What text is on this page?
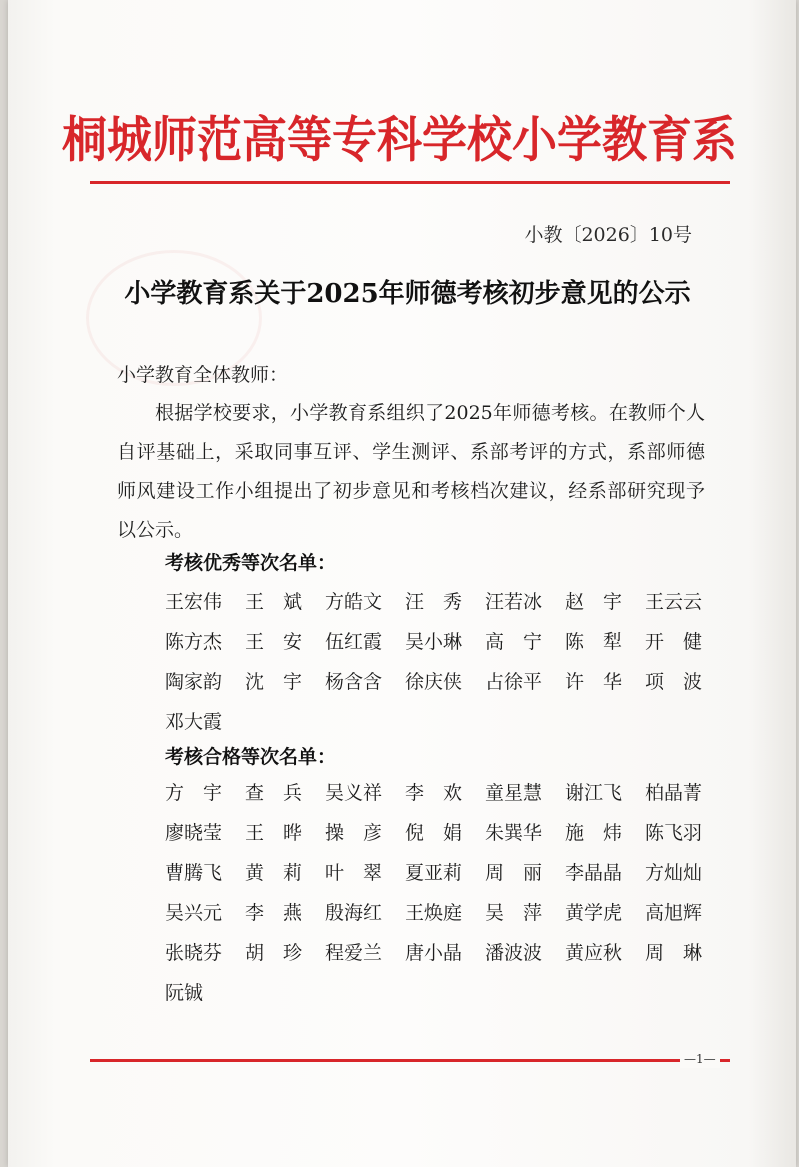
桐城师范高等专科学校小学教育系
小教〔2026〕10号
小学教育系关于2025年师德考核初步意见的公示
小学教育全体教师：
根据学校要求，小学教育系组织了2025年师德考核。在教师个人自评基础上，采取同事互评、学生测评、系部考评的方式，系部师德师风建设工作小组提出了初步意见和考核档次建议，经系部研究现予以公示。
考核优秀等次名单：
王宏伟	王　斌	方皓文	汪　秀	汪若冰	赵　宇	王云云
陈方杰	王　安	伍红霞	吴小琳	高　宁	陈　犁	开　健
陶家韵	沈　宇	杨含含	徐庆侠	占徐平	许　华	项　波
邓大霞
考核合格等次名单：
方　宇	查　兵	吴义祥	李　欢	童星慧	谢江飞	柏晶菁
廖晓莹	王　晔	操　彦	倪　娟	朱巽华	施　炜	陈飞羽
曹腾飞	黄　莉	叶　翠	夏亚莉	周　丽	李晶晶	方灿灿
吴兴元	李　燕	殷海红	王焕庭	吴　萍	黄学虎	高旭辉
张晓芬	胡　珍	程爱兰	唐小晶	潘波波	黄应秋	周　琳
阮铖
—1—
